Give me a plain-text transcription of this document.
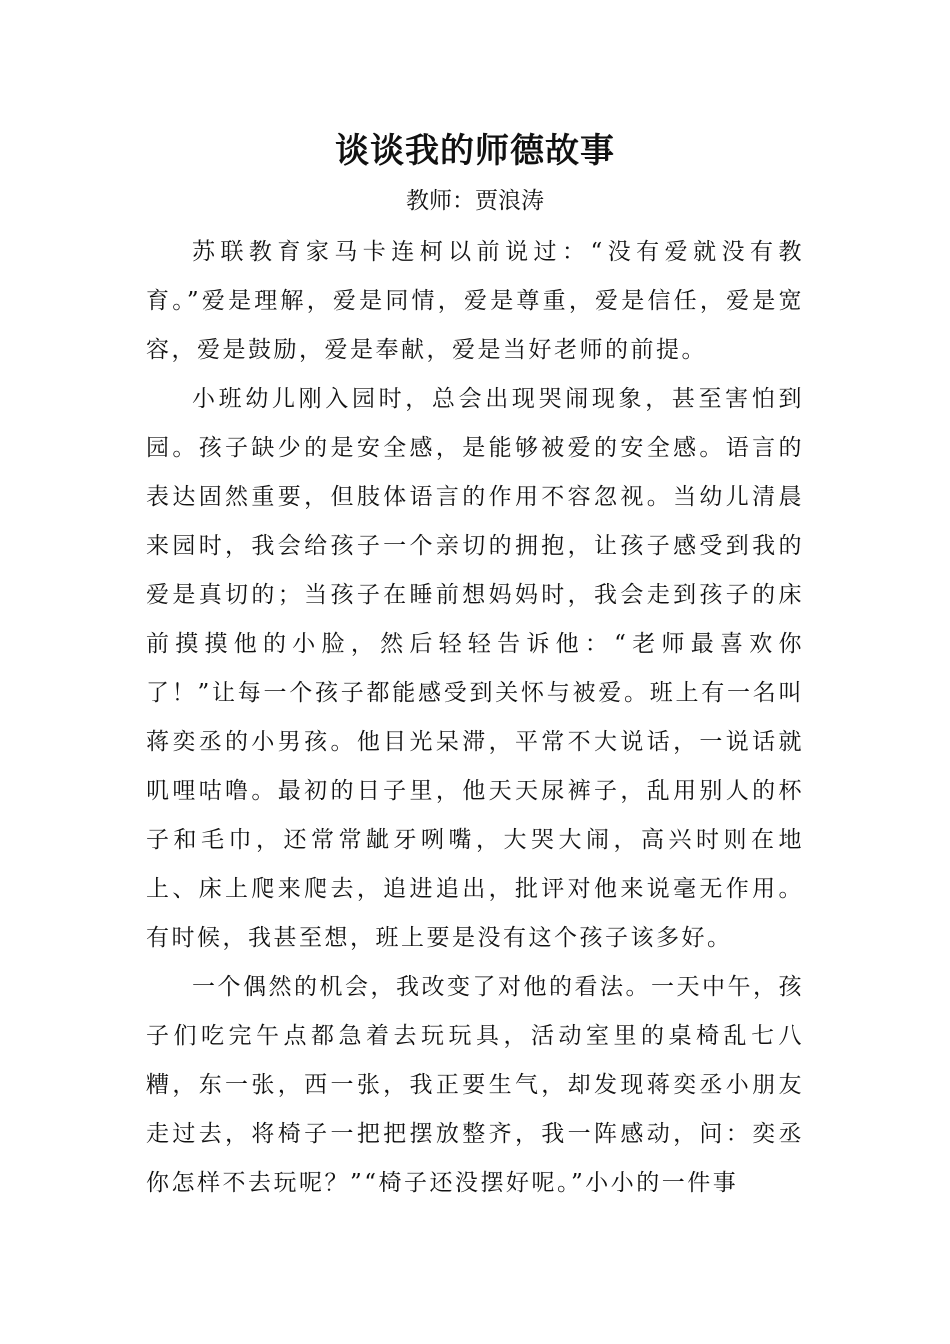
谈谈我的师德故事

教师：贾浪涛

苏联教育家马卡连柯以前说过：“没有爱就没有教育。”爱是理解，爱是同情，爱是尊重，爱是信任，爱是宽容，爱是鼓励，爱是奉献，爱是当好老师的前提。

小班幼儿刚入园时，总会出现哭闹现象，甚至害怕到园。孩子缺少的是安全感，是能够被爱的安全感。语言的表达固然重要，但肢体语言的作用不容忽视。当幼儿清晨来园时，我会给孩子一个亲切的拥抱，让孩子感受到我的爱是真切的；当孩子在睡前想妈妈时，我会走到孩子的床前摸摸他的小脸，然后轻轻告诉他：“老师最喜欢你了！”让每一个孩子都能感受到关怀与被爱。班上有一名叫蒋奕丞的小男孩。他目光呆滞，平常不大说话，一说话就叽哩咕噜。最初的日子里，他天天尿裤子，乱用别人的杯子和毛巾，还常常龇牙咧嘴，大哭大闹，高兴时则在地上、床上爬来爬去，追进追出，批评对他来说毫无作用。有时候，我甚至想，班上要是没有这个孩子该多好。

一个偶然的机会，我改变了对他的看法。一天中午，孩子们吃完午点都急着去玩玩具，活动室里的桌椅乱七八糟，东一张，西一张，我正要生气，却发现蒋奕丞小朋友走过去，将椅子一把把摆放整齐，我一阵感动，问：奕丞你怎样不去玩呢？”“椅子还没摆好呢。”小小的一件事
